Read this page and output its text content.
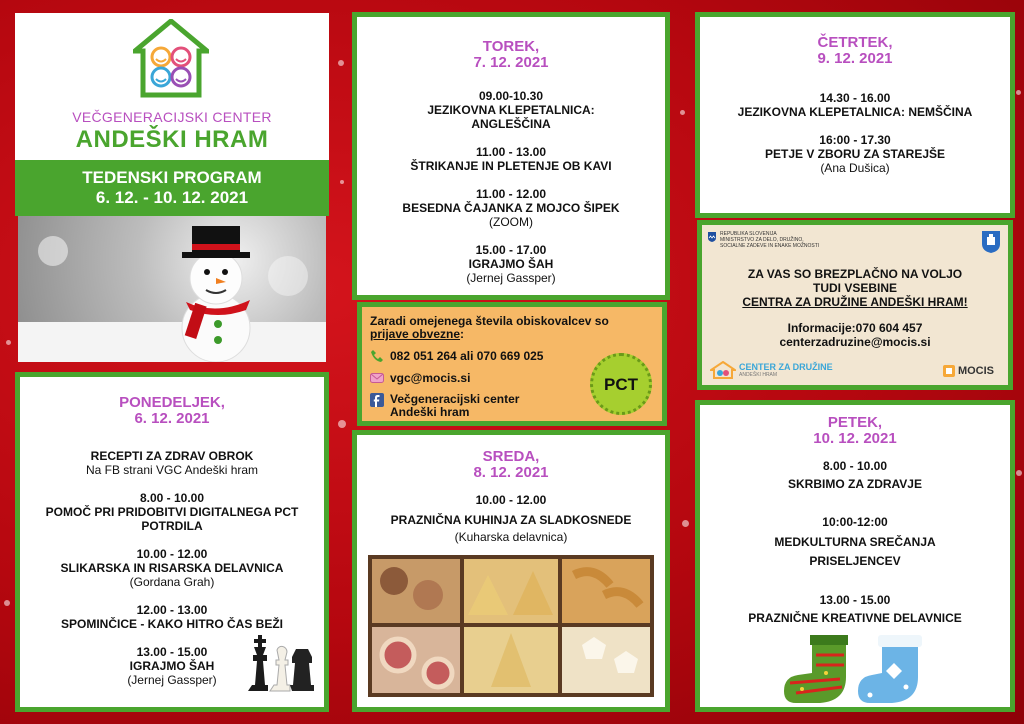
VEČGENERACIJSKI CENTER
ANDEŠKI HRAM
TEDENSKI PROGRAM
6. 12. - 10. 12. 2021
PONEDELJEK,
6. 12. 2021
RECEPTI ZA ZDRAV OBROK
Na FB strani VGC Andeški hram
8.00 - 10.00
POMOČ PRI PRIDOBITVI DIGITALNEGA PCT POTRDILA
10.00 - 12.00
SLIKARSKA IN RISARSKA DELAVNICA
(Gordana Grah)
12.00 - 13.00
SPOMINČICE - KAKO HITRO ČAS BEŽI
13.00 - 15.00
IGRAJMO ŠAH
(Jernej Gassper)
TOREK,
7. 12. 2021
09.00-10.30
JEZIKOVNA KLEPETALNICA: ANGLEŠČINA
11.00 - 13.00
ŠTRIKANJE IN PLETENJE OB KAVI
11.00 - 12.00
BESEDNA ČAJANKA Z MOJCO ŠIPEK
(ZOOM)
15.00 - 17.00
IGRAJMO ŠAH
(Jernej Gassper)
Zaradi omejenega števila obiskovalcev so
prijave obvezne:
082 051 264 ali 070 669 025
vgc@mocis.si
Večgeneracijski center Andeški hram
PCT
SREDA,
8. 12. 2021
10.00 - 12.00
PRAZNIČNA KUHINJA ZA SLADKOSNEDE
(Kuharska delavnica)
ČETRTEK,
9. 12. 2021
14.30 - 16.00
JEZIKOVNA KLEPETALNICA: NEMŠČINA
16:00 - 17.30
PETJE V ZBORU ZA STAREJŠE
(Ana Dušica)
REPUBLIKA SLOVENIJA
MINISTRSTVO ZA DELO, DRUŽINO,
SOCIALNE ZADEVE IN ENAKE MOŽNOSTI
ZA VAS SO BREZPLAČNO NA VOLJO
TUDI VSEBINE
CENTRA ZA DRUŽINE ANDEŠKI HRAM!
Informacije:070 604 457
centerzadruzine@mocis.si
CENTER ZA DRUŽINE
ANDEŠKI HRAM	MOCIS
PETEK,
10. 12. 2021
8.00 - 10.00
SKRBIMO ZA ZDRAVJE
10:00-12:00
MEDKULTURNA SREČANJA PRISELJENCEV
13.00 - 15.00
PRAZNIČNE KREATIVNE DELAVNICE
